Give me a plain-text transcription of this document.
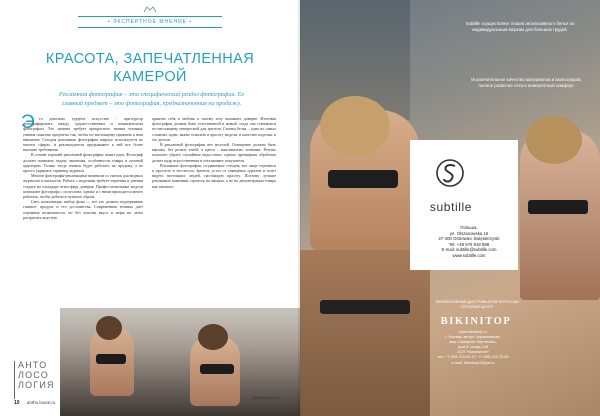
• ЭКСПЕРТНОЕ МНЕНИЕ •
КРАСОТА, ЗАПЕЧАТЛЕННАЯ
КАМЕРОЙ
Рекламная фотография – это специфический раздел фотографии. Ее главный предмет – это фотография, предназначенная на продажу.
Э	то довольно трудное искусство - при-курсор фотографировать между художе-ственным и коммерческим фотографом. Это занятие требует прекрасного знания техники, умения показать предметы так, чтобы по-настоящему привлечь к ним внимание. Сегодня рекламная фотография широко используется во многих сферах, и рекламодатели предъявляют к ней все более высокие требования.

В основе хорошей рекламной фотографии лежит идея. Фотограф должен понимать задачу заказчика, особенности товара и целевой аудитории. Только тогда снимок будет работать на продажу, а не просто украшать страницу журнала.

Многие фотографы-рекламщики начинали со съемок для модных журналов и каталогов. Работа с моделями требует терпения и умения создать на площадке атмосферу доверия. Профессиональные модели понимают фотографа с полуслова, однако и с ними приходится много работать, чтобы добиться нужного образа.

Свет, композиция, выбор фона — все это должно подчеркивать главное: продукт и его достоинства. Современная техника дает огромные возможности, но без чувства вкуса и меры их легко растратить впустую.

приятие себя и любовь к своему телу вызывает доверие. Итоговая фотография должна быть естественной и живой, тогда она становится по-настоящему интересной для зрителя. Съемка белья – одна из самых сложных задач: важно показать и красоту модели, и качество изделия, и его детали.

В рекламной фотографии нет мелочей. Освещение должно быть мягким, без резких теней, а цвета – максимально точными. Ретушь помогает убрать случайные недостатки, однако чрезмерная обработка делает кадр искусственным и отталкивает покупателя.

Рекламные фотографии, создаваемые сегодня, все чаще стремятся к простоте и честности. Зритель устал от глянцевых идеалов и хочет видеть настоящих людей, настоящую красоту. Поэтому лучшие рекламные кампании строятся на эмоции, а не на демонстрации товара как такового.

АНТО
ЛОСО
ЛОГИЯ
@antologiya.ru
10 antho.louse.ru
Subtille осуществляет пошив эксклюзивного белья по индивидуальным меркам для больших грудей.
Исключительное качество материалов и аксессуаров, полное развитие сети и невероятный комфорт.
subtille
Польша,
ул. Olszanowska 16
27-400 Ostrowiec Świętokrzyski
Tel: +48 579 918 888
E-mail: subtille@subtille.com
www.subtille.com
ЭКСКЛЮЗИВНЫЙ ДИСТРИБЬЮТОР В РОССИИ ОПТОВЫЙ ЦЕНТР
BIKINITOP
www.bikinitop.ru
г. Москва, метро Черкизовская,
мкр. Северное Чертаново,
дом 5, склад 108
ОСП «Бикинитоп»
тел: +7-925-719-81-17, +7-495-123-75-65
e-mail: bikinitop12@ya.ru
